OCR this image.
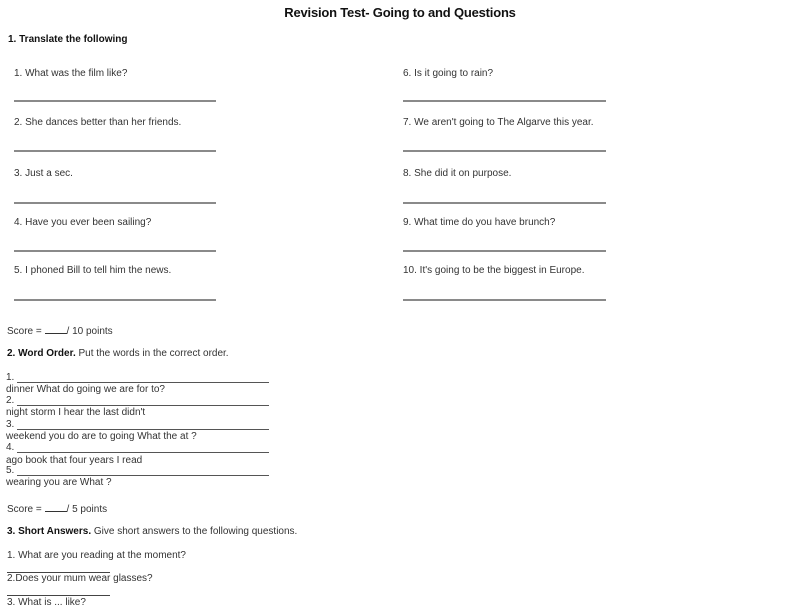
Revision Test- Going to and Questions
1. Translate the following
1. What was the film like?
2. She dances better than her friends.
3. Just a sec.
4. Have you ever been sailing?
5. I phoned Bill to tell him the news.
6. Is it going to rain?
7. We aren't going to The Algarve this year.
8. She did it on purpose.
9. What time do you have brunch?
10. It's going to be the biggest in Europe.
Score = / 10 points
2. Word Order. Put the words in the correct order.
1.
dinner What do going we are for to?
2.
night storm I hear the last didn't
3.
weekend you do are to going What the at ?
4.
ago book that four years I read
5.
wearing you are What ?
Score = / 5 points
3. Short Answers. Give short answers to the following questions.
1. What are you reading at the moment?
2.Does your mum wear glasses?
3. What is ... like?
